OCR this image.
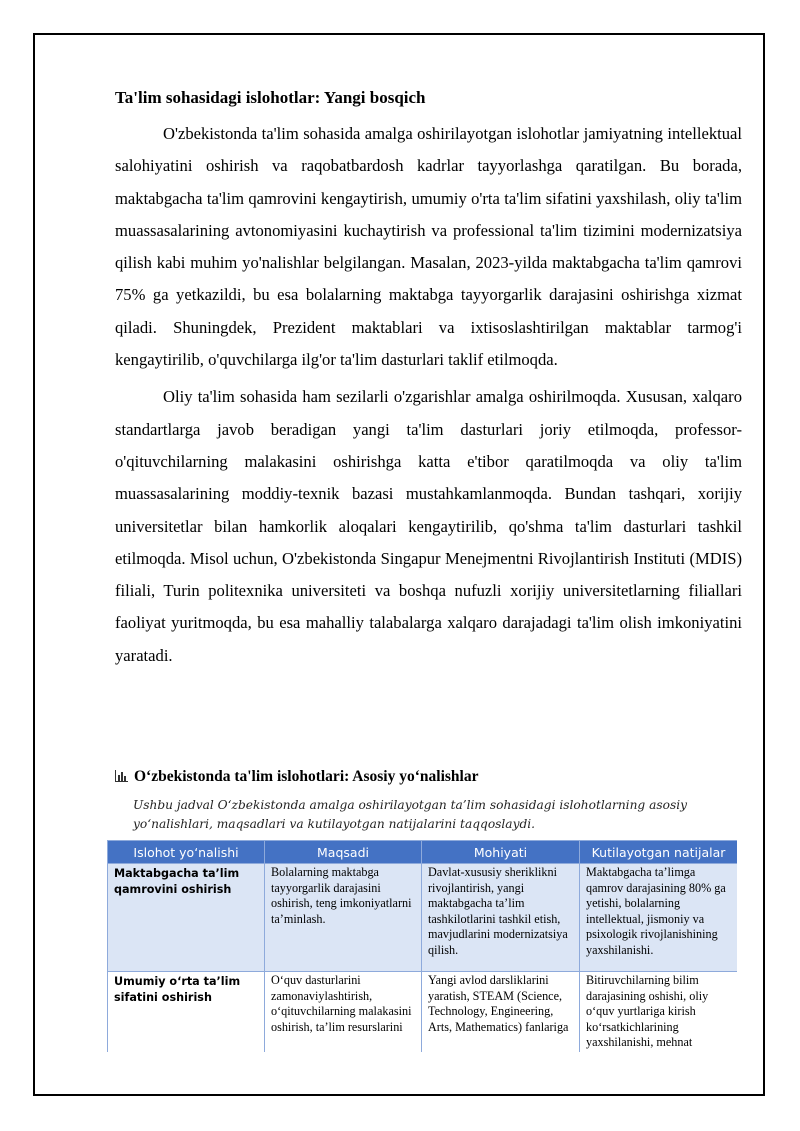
Ta'lim sohasidagi islohotlar: Yangi bosqich

O'zbekistonda ta'lim sohasida amalga oshirilayotgan islohotlar jamiyatning intellektual salohiyatini oshirish va raqobatbardosh kadrlar tayyorlashga qaratilgan. Bu borada, maktabgacha ta'lim qamrovini kengaytirish, umumiy o'rta ta'lim sifatini yaxshilash, oliy ta'lim muassasalarining avtonomiyasini kuchaytirish va professional ta'lim tizimini modernizatsiya qilish kabi muhim yo'nalishlar belgilangan. Masalan, 2023-yilda maktabgacha ta'lim qamrovi 75% ga yetkazildi, bu esa bolalarning maktabga tayyorgarlik darajasini oshirishga xizmat qiladi. Shuningdek, Prezident maktablari va ixtisoslashtirilgan maktablar tarmog'i kengaytirilib, o'quvchilarga ilg'or ta'lim dasturlari taklif etilmoqda.

Oliy ta'lim sohasida ham sezilarli o'zgarishlar amalga oshirilmoqda. Xususan, xalqaro standartlarga javob beradigan yangi ta'lim dasturlari joriy etilmoqda, professor-o'qituvchilarning malakasini oshirishga katta e'tibor qaratilmoqda va oliy ta'lim muassasalarining moddiy-texnik bazasi mustahkamlanmoqda. Bundan tashqari, xorijiy universitetlar bilan hamkorlik aloqalari kengaytirilib, qo'shma ta'lim dasturlari tashkil etilmoqda. Misol uchun, O'zbekistonda Singapur Menejmentni Rivojlantirish Instituti (MDIS) filiali, Turin politexnika universiteti va boshqa nufuzli xorijiy universitetlarning filiallari faoliyat yuritmoqda, bu esa mahalliy talabalarga xalqaro darajadagi ta'lim olish imkoniyatini yaratadi.

O‘zbekistonda ta'lim islohotlari: Asosiy yo‘nalishlar
Ushbu jadval O‘zbekistonda amalga oshirilayotgan ta’lim sohasidagi islohotlarning asosiy yo‘nalishlari, maqsadlari va kutilayotgan natijalarini taqqoslaydi.
Islohot yo‘nalishi	Maqsadi	Mohiyati	Kutilayotgan natijalar
Maktabgacha ta’lim qamrovini oshirish	Bolalarning maktabga tayyorgarlik darajasini oshirish, teng imkoniyatlarni ta’minlash.	Davlat-xususiy sheriklikni rivojlantirish, yangi maktabgacha ta’lim tashkilotlarini tashkil etish, mavjudlarini modernizatsiya qilish.	Maktabgacha ta’limga qamrov darajasining 80% ga yetishi, bolalarning intellektual, jismoniy va psixologik rivojlanishining yaxshilanishi.
Umumiy o‘rta ta’lim sifatini oshirish	O‘quv dasturlarini zamonaviylashtirish, o‘qituvchilarning malakasini oshirish, ta’lim resurslarini	Yangi avlod darsliklarini yaratish, STEAM (Science, Technology, Engineering, Arts, Mathematics) fanlariga	Bitiruvchilarning bilim darajasining oshishi, oliy o‘quv yurtlariga kirish ko‘rsatkichlarining yaxshilanishi, mehnat
